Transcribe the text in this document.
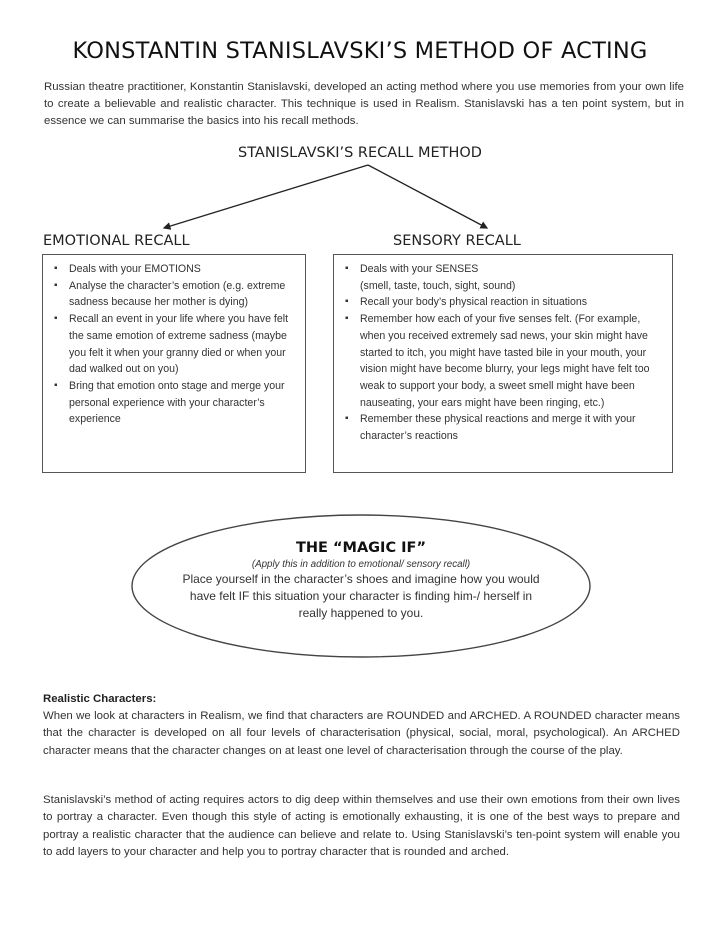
KONSTANTIN STANISLAVSKI’S METHOD OF ACTING
Russian theatre practitioner, Konstantin Stanislavski, developed an acting method where you use memories from your own life to create a believable and realistic character. This technique is used in Realism. Stanislavski has a ten point system, but in essence we can summarise the basics into his recall methods.
STANISLAVSKI’S RECALL METHOD
EMOTIONAL RECALL	SENSORY RECALL
▪ Deals with your EMOTIONS
▪ Analyse the character’s emotion (e.g. extreme sadness because her mother is dying)
▪ Recall an event in your life where you have felt the same emotion of extreme sadness (maybe you felt it when your granny died or when your dad walked out on you)
▪ Bring that emotion onto stage and merge your personal experience with your character’s experience
▪ Deals with your SENSES
(smell, taste, touch, sight, sound)
▪ Recall your body’s physical reaction in situations
▪ Remember how each of your five senses felt. (For example, when you received extremely sad news, your skin might have started to itch, you might have tasted bile in your mouth, your vision might have become blurry, your legs might have felt too weak to support your body, a sweet smell might have been nauseating, your ears might have been ringing, etc.)
▪ Remember these physical reactions and merge it with your character’s reactions
THE “MAGIC IF”
(Apply this in addition to emotional/ sensory recall)
Place yourself in the character’s shoes and imagine how you would have felt IF this situation your character is finding him-/ herself in really happened to you.
Realistic Characters:
When we look at characters in Realism, we find that characters are ROUNDED and ARCHED. A ROUNDED character means that the character is developed on all four levels of characterisation (physical, social, moral, psychological). An ARCHED character means that the character changes on at least one level of characterisation through the course of the play.
Stanislavski’s method of acting requires actors to dig deep within themselves and use their own emotions from their own lives to portray a character. Even though this style of acting is emotionally exhausting, it is one of the best ways to prepare and portray a realistic character that the audience can believe and relate to. Using Stanislavski’s ten-point system will enable you to add layers to your character and help you to portray character that is rounded and arched.
